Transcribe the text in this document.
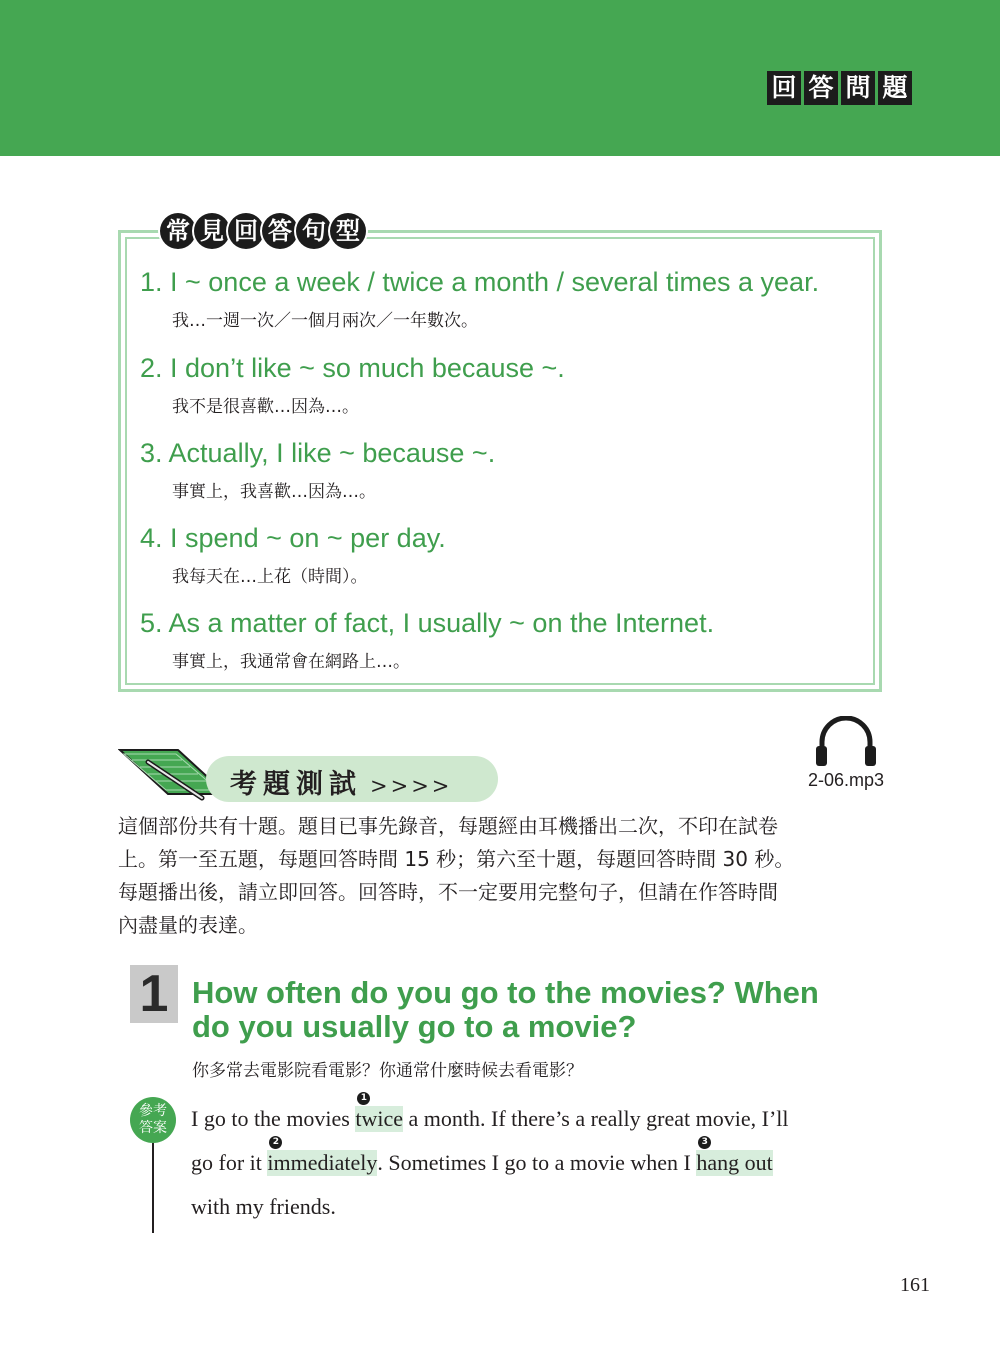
回 答 問 題
常 見 回 答 句 型
1. I ~ once a week / twice a month / several times a year.
我…一週一次／一個月兩次／一年數次。
2. I don’t like ~ so much because ~.
我不是很喜歡…因為…。
3. Actually, I like ~ because ~.
事實上，我喜歡…因為…。
4. I spend ~ on ~ per day.
我每天在…上花（時間）。
5. As a matter of fact, I usually ~ on the Internet.
事實上，我通常會在網路上…。
考題測試 >>>>	2-06.mp3
這個部份共有十題。題目已事先錄音，每題經由耳機播出二次，不印在試卷
上。第一至五題，每題回答時間 15 秒；第六至十題，每題回答時間 30 秒。
每題播出後，請立即回答。回答時，不一定要用完整句子，但請在作答時間
內盡量的表達。
1 How often do you go to the movies? When
do you usually go to a movie?
你多常去電影院看電影？你通常什麼時候去看電影？
參考
答案 I go to the movies
1
twice a month. If there’s a really great movie, I’ll
go for it
2
immediately. Sometimes I go to a movie when I
3
hang out
with my friends.
161
